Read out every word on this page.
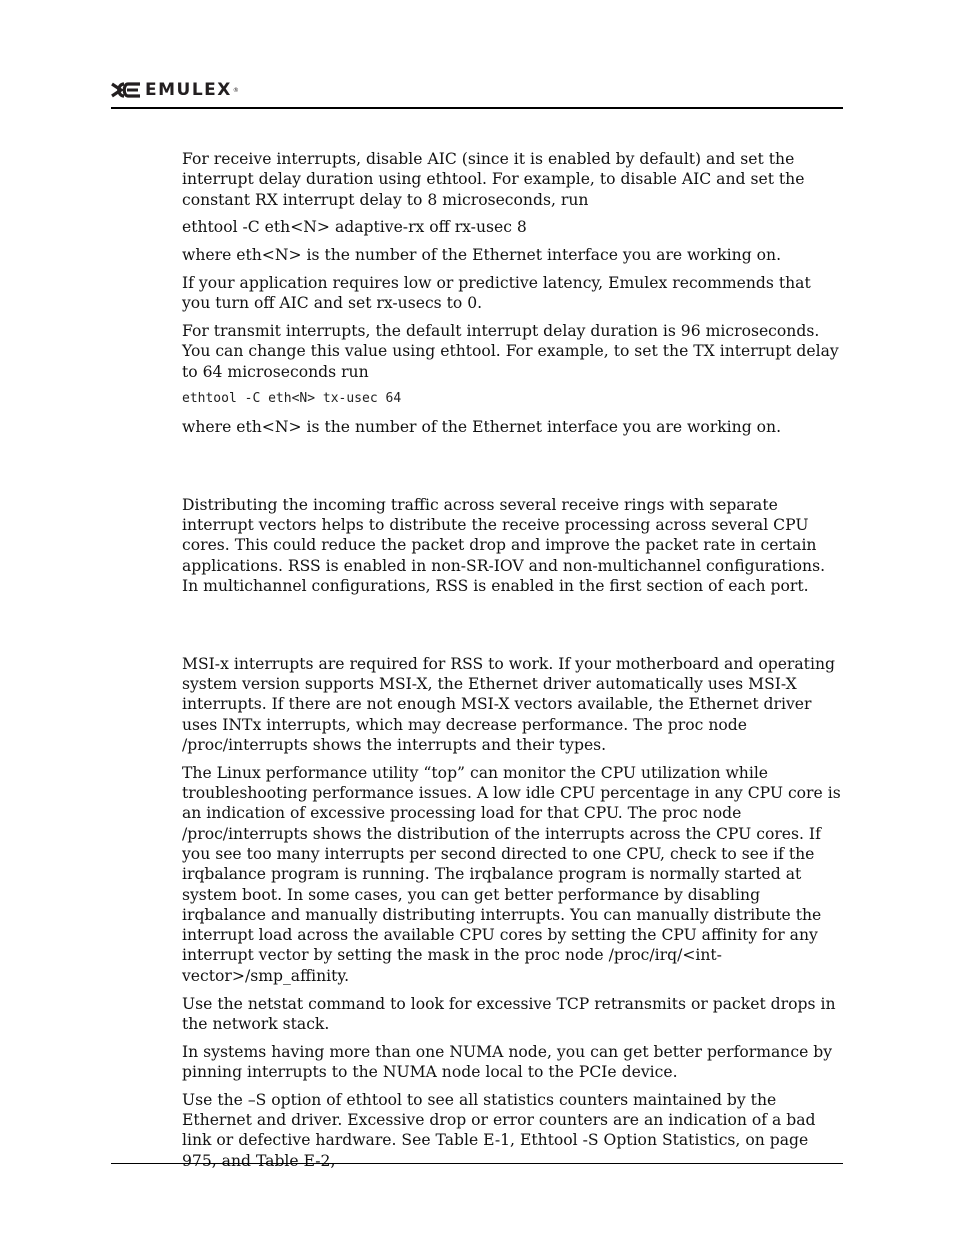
EMULEX ®

For receive interrupts, disable AIC (since it is enabled by default) and set the interrupt delay duration using ethtool. For example, to disable AIC and set the constant RX interrupt delay to 8 microseconds, run

ethtool -C eth<N> adaptive-rx off rx-usec 8

where eth<N> is the number of the Ethernet interface you are working on.

If your application requires low or predictive latency, Emulex recommends that you turn off AIC and set rx-usecs to 0.

For transmit interrupts, the default interrupt delay duration is 96 microseconds. You can change this value using ethtool. For example, to set the TX interrupt delay to 64 microseconds run

ethtool -C eth<N> tx-usec 64

where eth<N> is the number of the Ethernet interface you are working on.

Distributing the incoming traffic across several receive rings with separate interrupt vectors helps to distribute the receive processing across several CPU cores. This could reduce the packet drop and improve the packet rate in certain applications. RSS is enabled in non-SR-IOV and non-multichannel configurations. In multichannel configurations, RSS is enabled in the first section of each port.

MSI-x interrupts are required for RSS to work. If your motherboard and operating system version supports MSI-X, the Ethernet driver automatically uses MSI-X interrupts. If there are not enough MSI-X vectors available, the Ethernet driver uses INTx interrupts, which may decrease performance. The proc node /proc/interrupts shows the interrupts and their types.

The Linux performance utility “top” can monitor the CPU utilization while troubleshooting performance issues. A low idle CPU percentage in any CPU core is an indication of excessive processing load for that CPU. The proc node /proc/interrupts shows the distribution of the interrupts across the CPU cores. If you see too many interrupts per second directed to one CPU, check to see if the irqbalance program is running. The irqbalance program is normally started at system boot. In some cases, you can get better performance by disabling irqbalance and manually distributing interrupts. You can manually distribute the interrupt load across the available CPU cores by setting the CPU affinity for any interrupt vector by setting the mask in the proc node /proc/irq/<int-vector>/smp_affinity.

Use the netstat command to look for excessive TCP retransmits or packet drops in the network stack.

In systems having more than one NUMA node, you can get better performance by pinning interrupts to the NUMA node local to the PCIe device.

Use the –S option of ethtool to see all statistics counters maintained by the Ethernet and driver. Excessive drop or error counters are an indication of a bad link or defective hardware. See Table E-1, Ethtool -S Option Statistics, on page 975, and Table E-2,
